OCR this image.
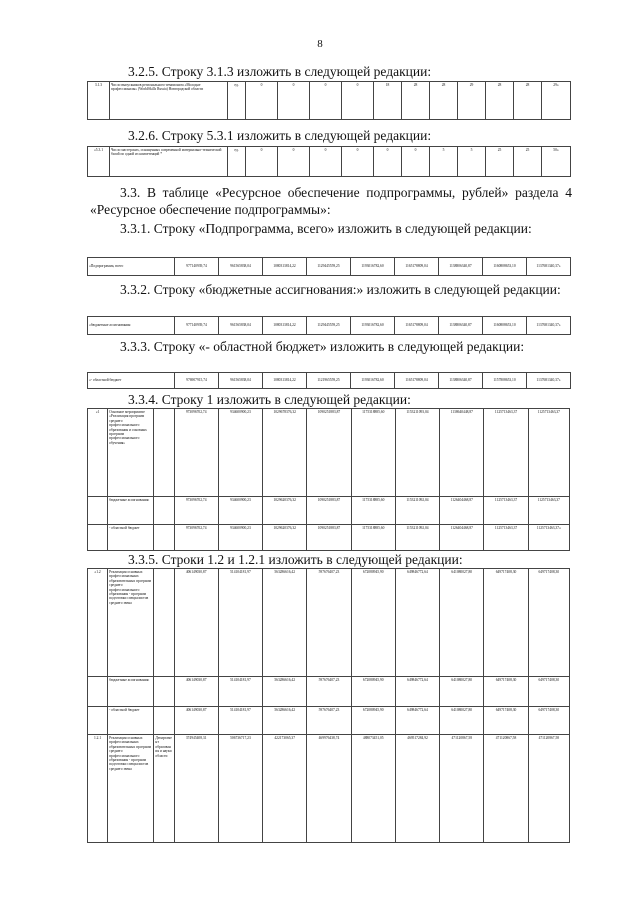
8
3.2.5. Строку 3.1.3 изложить в следующей редакции:
3.1.3	Число выпускников регионального чемпионата «Молодые профессионалы» (WorldSkills Russia) Новгородской области	ед.	0	0	0	0	18	28	28	29	28	28	29»
3.2.6. Строку 5.3.1 изложить в следующей редакции:
«5.3.1	Число мастерских, оснащенных современной материально-технической базой по одной из компетенций *	ед.	0	0	0	0	0	0	5	5	25	25	50»
3.3. В таблице «Ресурсное обеспечение подпрограммы, рублей» раздела 4 «Ресурсное обеспечение подпрограммы»:
3.3.1. Строку «Подпрограмма, всего» изложить в следующей редакции:
«Подпрограмма, всего	977140939,74	961565838,04	1080313814,22	1129445559,25	1193016782,60	1165178809,04	1138806340,87	1160808653,10	1137681340,37»
3.3.2. Строку «бюджетные ассигнования:» изложить в следующей редакции:
«бюджетные ассигнования:	977140939,74	961565838,04	1080313814,22	1129445559,25	1193016782,60	1165178809,04	1138806340,87	1160808653,10	1137681340,37»
3.3.3. Строку «- областной бюджет» изложить в следующей редакции:
«- областной бюджет	976907915,74	961565838,04	1080313814,22	1121965559,25	1193016782,60	1165178809,04	1138806340,87	1157808653,10	1137681340,37»
3.3.4. Строку 1 изложить в следующей редакции:
«1	Основное мероприятие «Реализация программ среднего профессионального образования и основных программ профессионального обучения»		973096702,74	934600900,23	1029678376,32	1090251883,87	1175318885,60	1153211093,04	1138640448,87	1125713463,37	1125713463,37
	бюджетные ассигнования:		973096702,74	934600900,23	1029620376,32	1090251883,87	1175318885,60	1153211092,04	1126404468,87	1125713463,37	1125713463,37
	- областной бюджет		973096702,74	934600900,23	1029620376,32	1090251883,87	1175318885,60	1153211092,04	1126404468,87	1125713463,37	1125713463,37»
3.3.5. Строки 1.2 и 1.2.1 изложить в следующей редакции:
«1.2	Реализация основных профессиональных образовательных программ среднего профессионального образования - программ подготовки специалистов среднего звена		406149030,87	514104181,97	563286616,42	597676407,23	672080945,90	649846772,64	641080027,80	649717408,30	649717408,30
	бюджетные ассигнования:		406149030,87	514104181,97	563286616,42	597676407,23	672080945,90	649846772,64	641080027,80	649717408,30	649717408,30
	- областной бюджет		406149030,87	514104181,97	563286616,42	597676407,23	672080945,90	649846772,64	641080027,80	649717408,30	649717408,30
1.2.1	Реализация основных профессиональных образовательных программ среднего профессионального образования - программ подготовки специалистов среднего звена	Департамент образования и науки области	374945408,31	506736717,23	422173065,37	469976438,74	488073451,05	469517284,92	471120867,58	471120867,58	471120867,58
